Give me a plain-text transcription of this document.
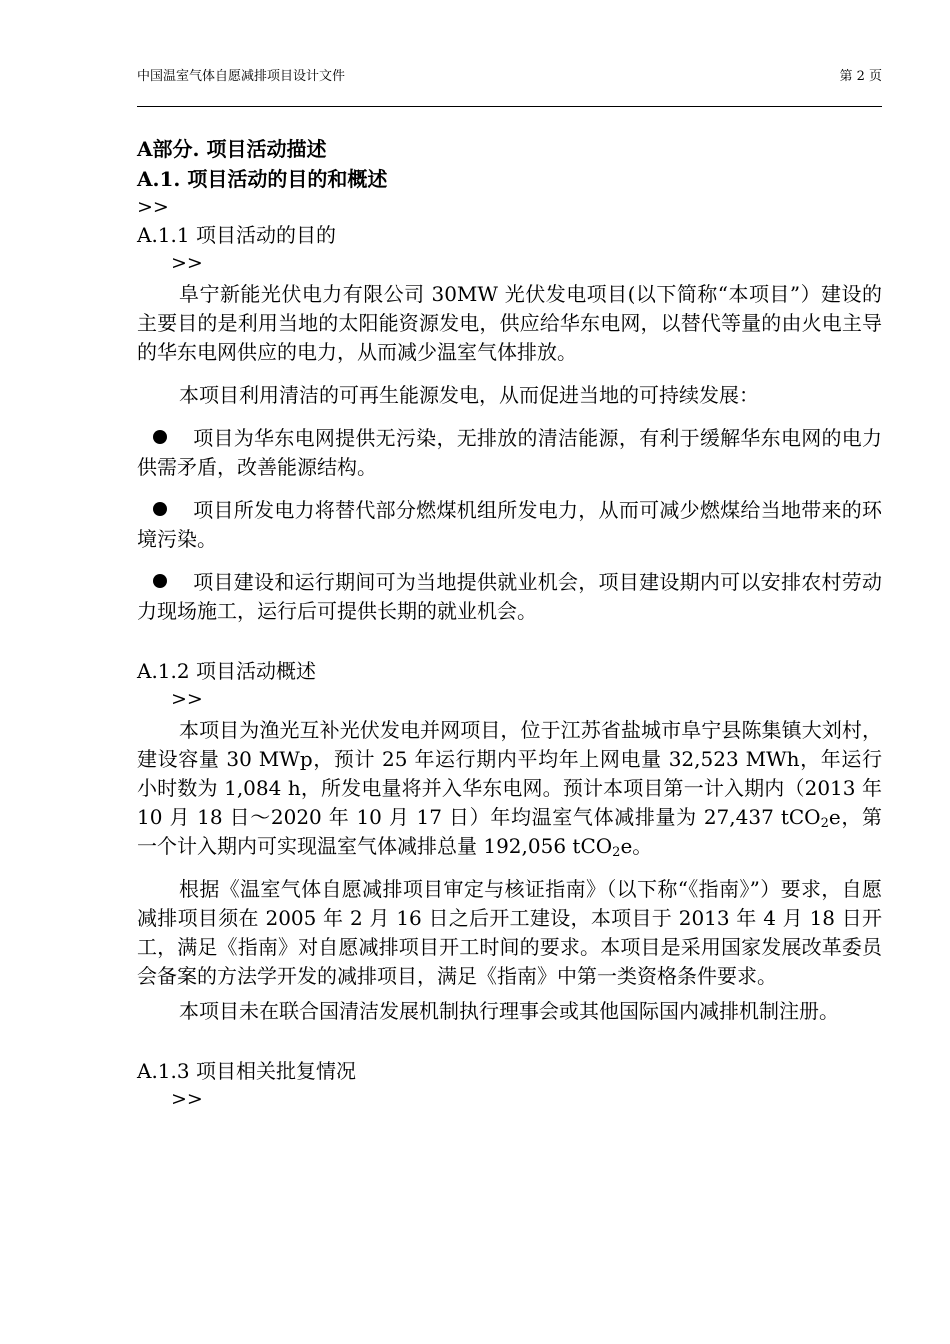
中国温室气体自愿减排项目设计文件	第 2 页
A部分. 项目活动描述
A.1. 项目活动的目的和概述
>>
A.1.1 项目活动的目的
>>

阜宁新能光伏电力有限公司 30MW 光伏发电项目(以下简称“本项目”）建设的主要目的是利用当地的太阳能资源发电，供应给华东电网，以替代等量的由火电主导的华东电网供应的电力，从而减少温室气体排放。

本项目利用清洁的可再生能源发电，从而促进当地的可持续发展：

项目为华东电网提供无污染，无排放的清洁能源，有利于缓解华东电网的电力供需矛盾，改善能源结构。

项目所发电力将替代部分燃煤机组所发电力，从而可减少燃煤给当地带来的环境污染。

项目建设和运行期间可为当地提供就业机会，项目建设期内可以安排农村劳动力现场施工，运行后可提供长期的就业机会。

A.1.2 项目活动概述
>>

本项目为渔光互补光伏发电并网项目，位于江苏省盐城市阜宁县陈集镇大刘村，建设容量 30 MWp，预计 25 年运行期内平均年上网电量 32,523 MWh，年运行小时数为 1,084 h，所发电量将并入华东电网。预计本项目第一计入期内（2013 年 10 月 18 日～2020 年 10 月 17 日）年均温室气体减排量为 27,437 tCO$_2$e，第一个计入期内可实现温室气体减排总量 192,056 tCO$_2$e。

根据《温室气体自愿减排项目审定与核证指南》（以下称“《指南》”）要求，自愿减排项目须在 2005 年 2 月 16 日之后开工建设，本项目于 2013 年 4 月 18 日开工，满足《指南》对自愿减排项目开工时间的要求。本项目是采用国家发展改革委员会备案的方法学开发的减排项目，满足《指南》中第一类资格条件要求。

本项目未在联合国清洁发展机制执行理事会或其他国际国内减排机制注册。

A.1.3 项目相关批复情况
>>
